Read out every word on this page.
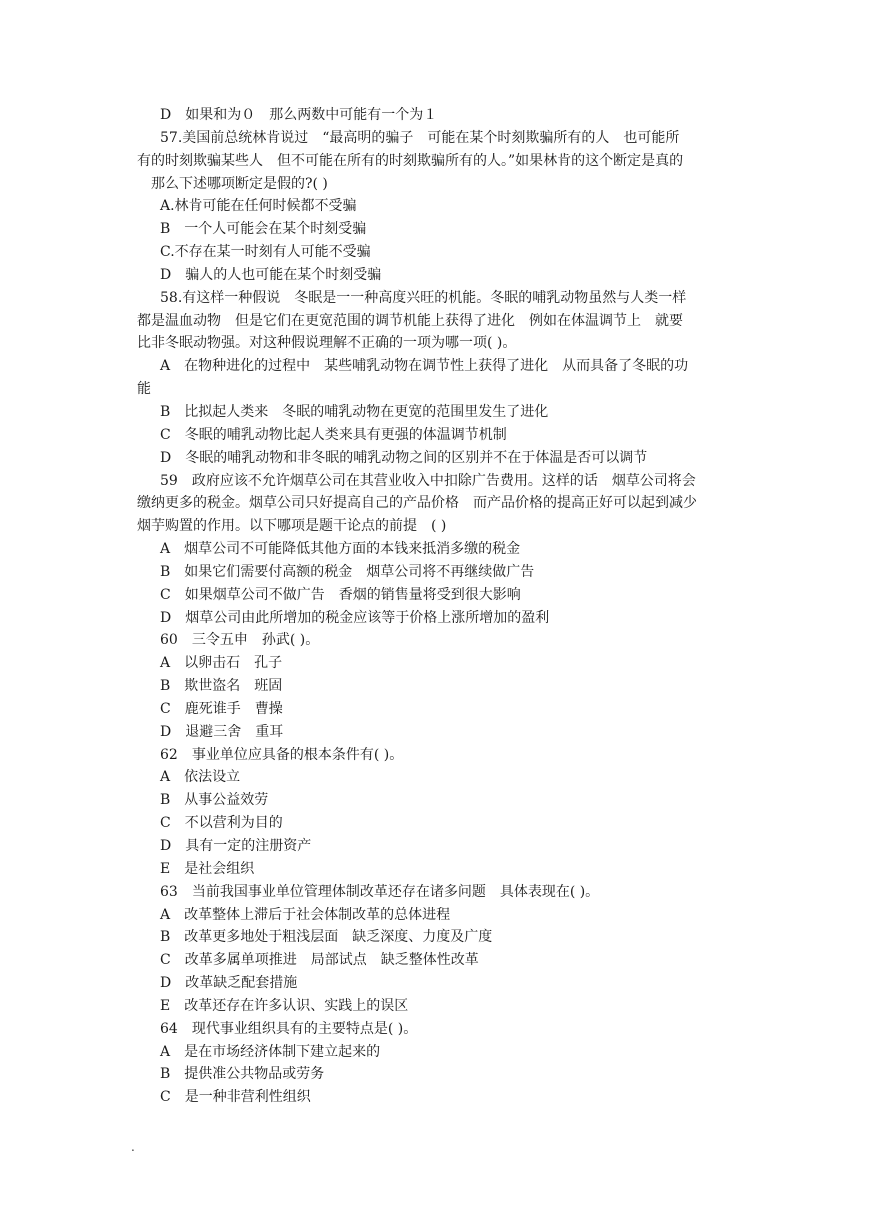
D　如果和为０　那么两数中可能有一个为１
57.美国前总统林肯说过　“最高明的骗子　可能在某个时刻欺骗所有的人　也可能所
有的时刻欺骗某些人　但不可能在所有的时刻欺骗所有的人。”如果林肯的这个断定是真的
　那么下述哪项断定是假的?( )
A.林肯可能在任何时候都不受骗
B　一个人可能会在某个时刻受骗
C.不存在某一时刻有人可能不受骗
D　骗人的人也可能在某个时刻受骗
58.有这样一种假说　冬眠是一一种高度兴旺的机能。冬眠的哺乳动物虽然与人类一样
都是温血动物　但是它们在更宽范围的调节机能上获得了进化　例如在体温调节上　就要
比非冬眠动物强。对这种假说理解不正确的一项为哪一项( )。
A　在物种进化的过程中　某些哺乳动物在调节性上获得了进化　从而具备了冬眠的功
能
B　比拟起人类来　冬眠的哺乳动物在更宽的范围里发生了进化
C　冬眠的哺乳动物比起人类来具有更强的体温调节机制
D　冬眠的哺乳动物和非冬眠的哺乳动物之间的区别并不在于体温是否可以调节
59　政府应该不允许烟草公司在其营业收入中扣除广告费用。这样的话　烟草公司将会
缴纳更多的税金。烟草公司只好提高自己的产品价格　而产品价格的提高正好可以起到减少
烟芋购置的作用。以下哪项是题干论点的前提　( )
A　烟草公司不可能降低其他方面的本钱来抵消多缴的税金
B　如果它们需要付高额的税金　烟草公司将不再继续做广告
C　如果烟草公司不做广告　香烟的销售量将受到很大影响
D　烟草公司由此所增加的税金应该等于价格上涨所增加的盈利
60　三令五申　孙武( )。
A　以卵击石　孔子
B　欺世盗名　班固
C　鹿死谁手　曹操
D　退避三舍　重耳
62　事业单位应具备的根本条件有( )。
A　依法设立
B　从事公益效劳
C　不以营利为目的
D　具有一定的注册资产
E　是社会组织
63　当前我国事业单位管理体制改革还存在诸多问题　具体表现在( )。
A　改革整体上滞后于社会体制改革的总体进程
B　改革更多地处于粗浅层面　缺乏深度、力度及广度
C　改革多属单项推进　局部试点　缺乏整体性改革
D　改革缺乏配套措施
E　改革还存在许多认识、实践上的误区
64　现代事业组织具有的主要特点是( )。
A　是在市场经济体制下建立起来的
B　提供准公共物品或劳务
C　是一种非营利性组织
.
